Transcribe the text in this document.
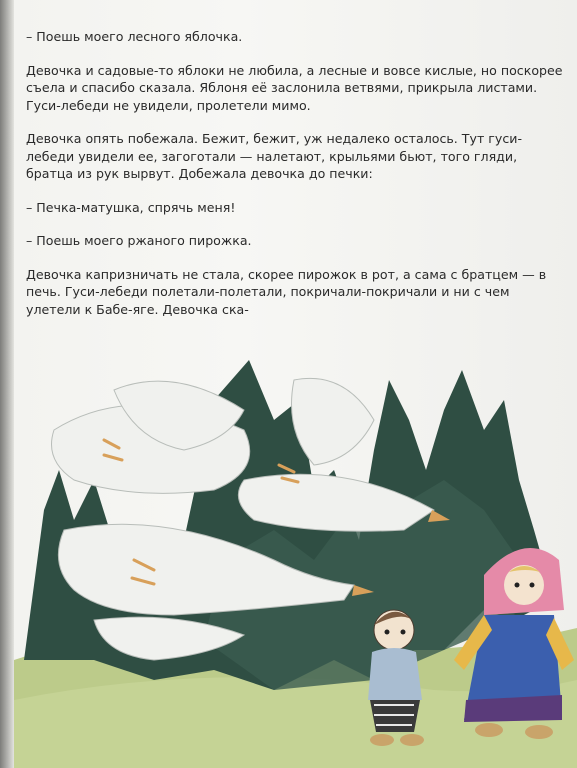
– Поешь моего лесного яблочка.

Девочка и садовые-то яблоки не любила, а лесные и вовсе кислые, но поскорее съела и спасибо сказала. Яблоня её заслонила ветвями, прикрыла листами. Гуси-лебеди не увидели, пролетели мимо.

Девочка опять побежала. Бежит, бежит, уж недалеко осталось. Тут гуси-лебеди увидели ее, загоготали — налетают, крыльями бьют, того гляди, братца из рук вырвут. Добежала девочка до печки:

– Печка-матушка, спрячь меня!

– Поешь моего ржаного пирожка.

Девочка капризничать не стала, скорее пирожок в рот, а сама с братцем — в печь. Гуси-лебеди полетали-полетали, покричали-покричали и ни с чем улетели к Бабе-яге. Девочка ска-
